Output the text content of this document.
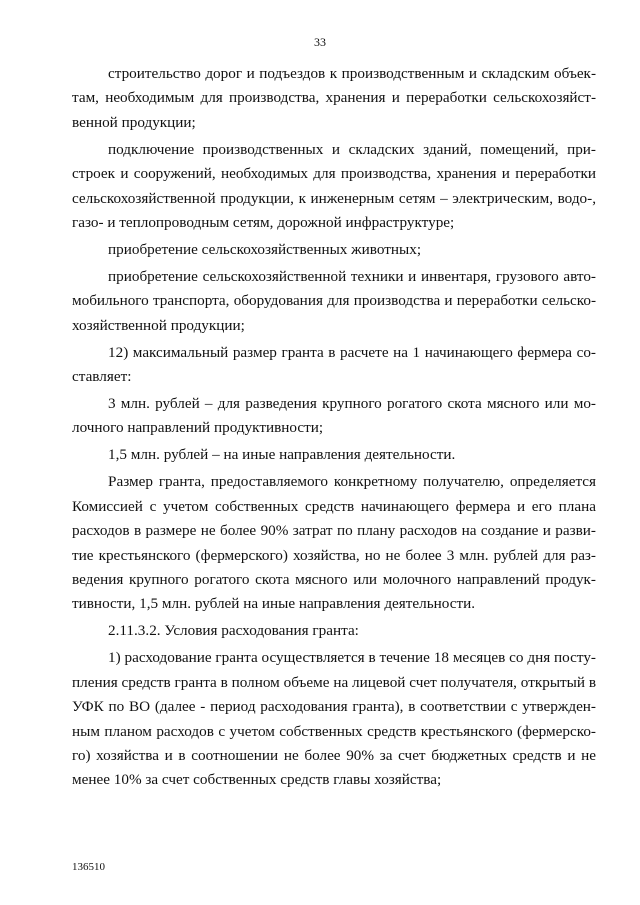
33
строительство дорог и подъездов к производственным и складским объек-
там, необходимым для производства, хранения и переработки сельскохозяйст-
венной продукции;
подключение производственных и складских зданий, помещений, при-
строек и сооружений, необходимых для производства, хранения и переработки
сельскохозяйственной продукции, к инженерным сетям – электрическим, водо-,
газо- и теплопроводным сетям, дорожной инфраструктуре;
приобретение сельскохозяйственных животных;
приобретение сельскохозяйственной техники и инвентаря, грузового авто-
мобильного транспорта, оборудования для производства и переработки сельско-
хозяйственной продукции;
12) максимальный размер гранта в расчете на 1 начинающего фермера со-
ставляет:
3 млн. рублей – для разведения крупного рогатого скота мясного или мо-
лочного направлений продуктивности;
1,5 млн. рублей – на иные направления деятельности.
Размер гранта, предоставляемого конкретному получателю, определяется
Комиссией с учетом собственных средств начинающего фермера и его плана
расходов в размере не более 90% затрат по плану расходов на создание и разви-
тие крестьянского (фермерского) хозяйства, но не более 3 млн. рублей для раз-
ведения крупного рогатого скота мясного или молочного направлений продук-
тивности, 1,5 млн. рублей на иные направления деятельности.
2.11.3.2. Условия расходования гранта:
1) расходование гранта осуществляется в течение 18 месяцев со дня посту-
пления средств гранта в полном объеме на лицевой счет получателя, открытый в
УФК по ВО (далее - период расходования гранта), в соответствии с утвержден-
ным планом расходов с учетом собственных средств крестьянского (фермерско-
го) хозяйства и в соотношении не более 90% за счет бюджетных средств и не
менее 10% за счет собственных средств главы хозяйства;
136510
